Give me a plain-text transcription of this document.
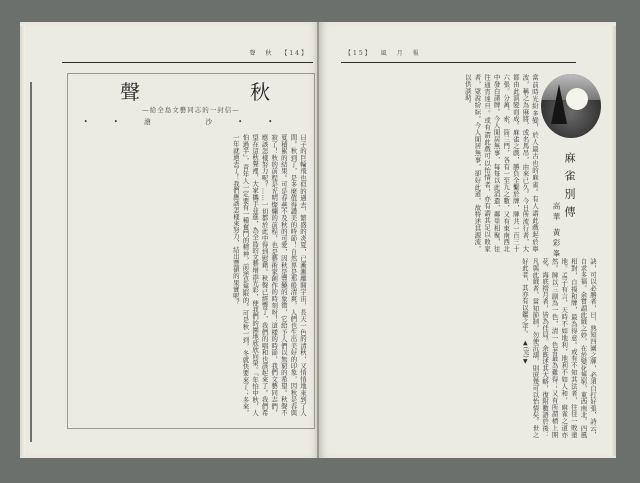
聲　秋 【14】
秋
聲
—給全島文藝同志的一封信—
••滄 沙••
日子的巨輪飛也似的過去，繁盛的炎夏，已漸漸離開宇宙，長天一色的清秋，又悄悄地來到了人間。秋到了，是多麼值得讚美的時節！自然界是那般清爽，人們也生出美好的印象，因秋是春與夏積累的結果。可是春燕不及秋的可愛，因秋是豐饒的象徵，它給予人們以無窮的希望。秋聲不寂了！秋的前程是光明燦爛的前程，也是藝術家創作的時刻呀！這樣的時節，我們文藝同志們，應該怎樣努力呢？……一切都於此中得到慰藉。秋聲已經響了，我們的唱和也該起來了。我們希望在這秋聲裡，大家攜手並進，為全島的文藝增添光彩，使我們的園地欣欣向榮。『年怕中秋，人怕過半』，青年人一定要有一種奮鬥的精神，前途是無限的。可是秋一到，冬就快要來了；多來，一年就過去了！我們應該怎樣來努力，結出豐碩的果實呢？
【15】 風　月　報
麻雀別傳
高華 黃彩峯
當前時光紛多變，於人最古也的麻雀。有人謂此戲起於寧波，稱之為麻將，或名馬吊，由來已久。今日所流行者，大都由此演變而成。麻雀之戲，勝負全繫於牌，牌共一百三十六張。分萬、索、筒三門，各有一至九之數，又有東南西北中發白諸牌。今人閒居無事，每每以此消遣，鄰里相聚，往往通宵達旦。或有謂此戲可以怡情者，亦有謂其足以敗家者，眾說紛紜。今人閒居無事，卻好此道，故特述其源流，以供談助。
訣，可以必勝者，日，熟知四圍之牌，必須自打好張，詩云，自求多福。余嘗謂此戲之妙，在於變化無窮，東西南北，四風相對，自摸和牌，最為得意。或有不知其法者，往往一敗塗地。孟子有言，天時不如地利，地利不如人和，麻雀之道亦然。牌以三副為一色，清一色者最為難得；又有所謂槓上開花、海底撈月者，皆為佳局。余既述其大略，復附數語於後：凡與此戲者，當知節制，勿使沉溺，則庶幾可以怡情矣。世之好此者，其亦有以鑑之乎。 ▲(完)▼
